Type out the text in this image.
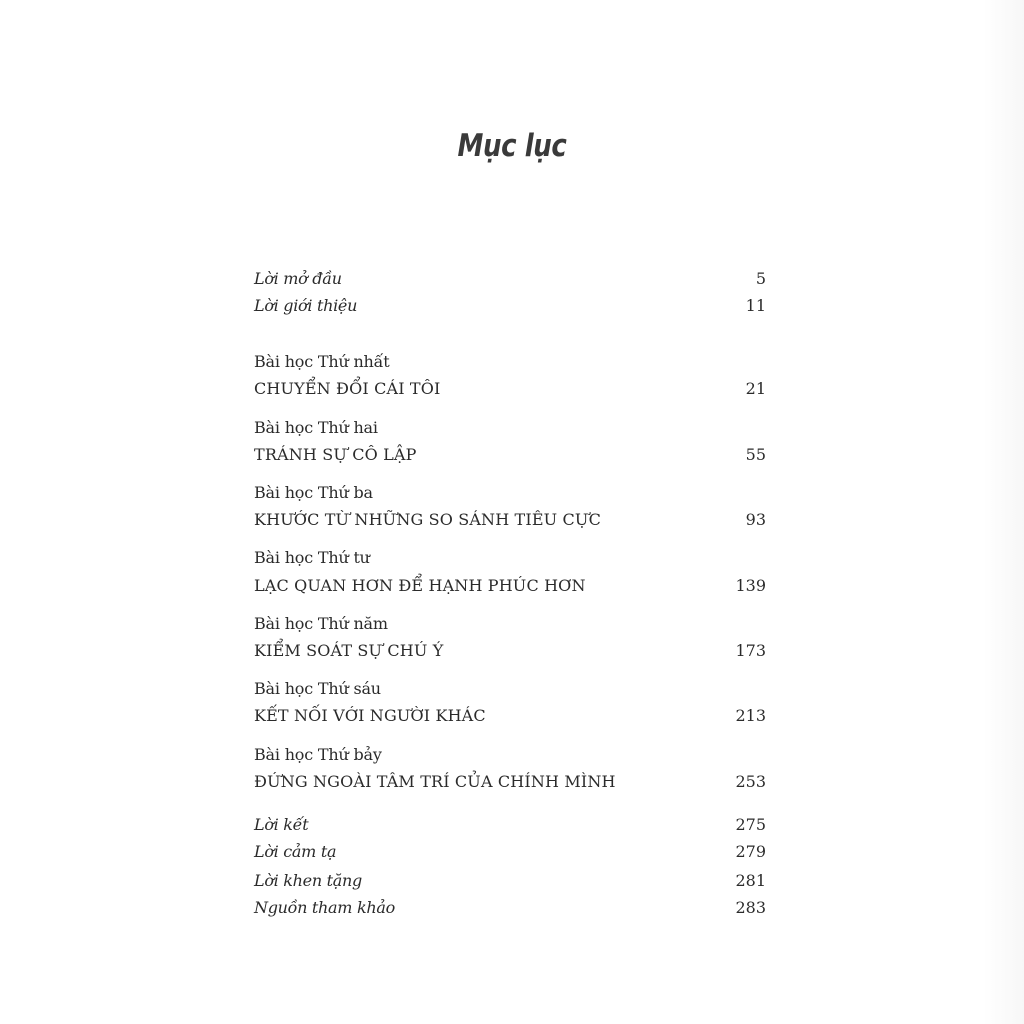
Mục lục
Lời mở đầu	5
Lời giới thiệu	11
Bài học Thứ nhất
CHUYỂN ĐỔI CÁI TÔI	21
Bài học Thứ hai
TRÁNH SỰ CÔ LẬP	55
Bài học Thứ ba
KHƯỚC TỪ NHỮNG SO SÁNH TIÊU CỰC	93
Bài học Thứ tư
LẠC QUAN HƠN ĐỂ HẠNH PHÚC HƠN	139
Bài học Thứ năm
KIỂM SOÁT SỰ CHÚ Ý	173
Bài học Thứ sáu
KẾT NỐI VỚI NGƯỜI KHÁC	213
Bài học Thứ bảy
ĐỨNG NGOÀI TÂM TRÍ CỦA CHÍNH MÌNH	253
Lời kết	275
Lời cảm tạ	279
Lời khen tặng	281
Nguồn tham khảo	283
